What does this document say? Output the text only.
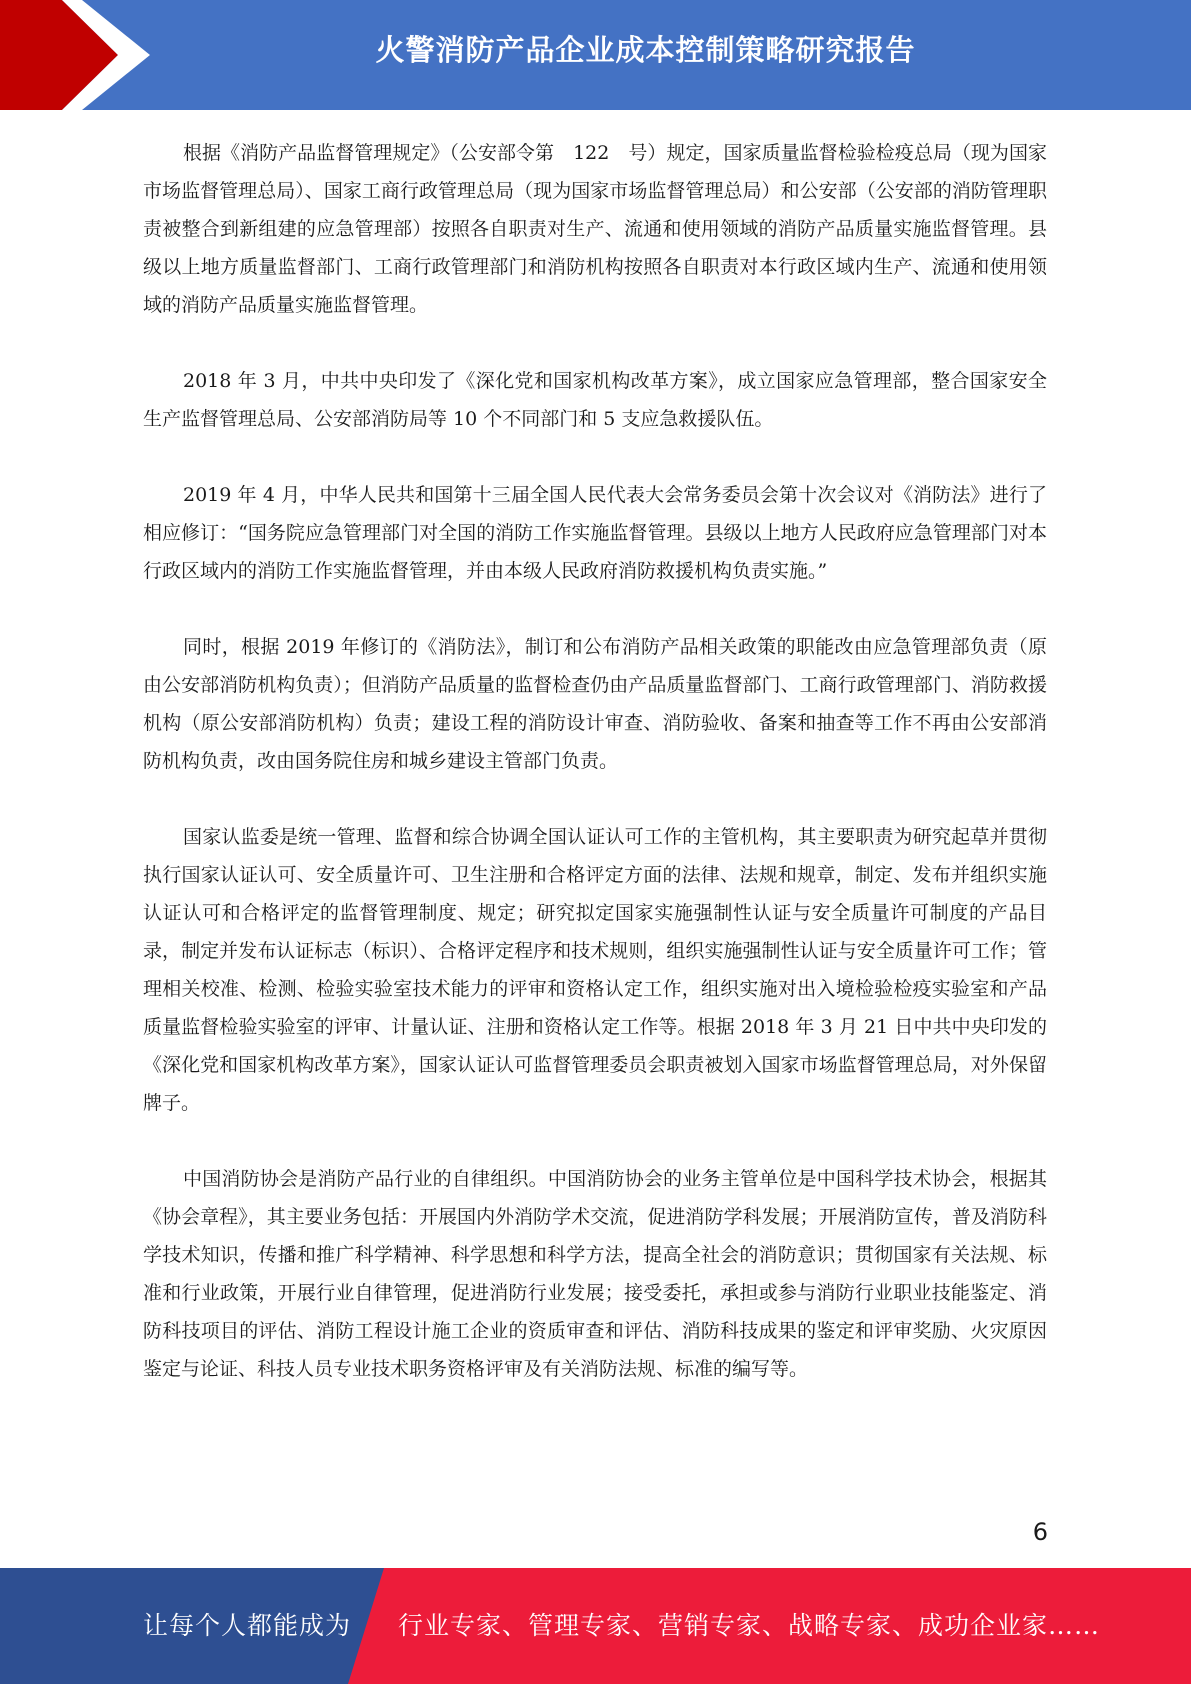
火警消防产品企业成本控制策略研究报告

根据《消防产品监督管理规定》（公安部令第　122　号）规定，国家质量监督检验检疫总局（现为国家市场监督管理总局）、国家工商行政管理总局（现为国家市场监督管理总局）和公安部（公安部的消防管理职责被整合到新组建的应急管理部）按照各自职责对生产、流通和使用领域的消防产品质量实施监督管理。县级以上地方质量监督部门、工商行政管理部门和消防机构按照各自职责对本行政区域内生产、流通和使用领域的消防产品质量实施监督管理。

2018 年 3 月，中共中央印发了《深化党和国家机构改革方案》，成立国家应急管理部，整合国家安全生产监督管理总局、公安部消防局等 10 个不同部门和 5 支应急救援队伍。

2019 年 4 月，中华人民共和国第十三届全国人民代表大会常务委员会第十次会议对《消防法》进行了相应修订：“国务院应急管理部门对全国的消防工作实施监督管理。县级以上地方人民政府应急管理部门对本行政区域内的消防工作实施监督管理，并由本级人民政府消防救援机构负责实施。”

同时，根据 2019 年修订的《消防法》，制订和公布消防产品相关政策的职能改由应急管理部负责（原由公安部消防机构负责）；但消防产品质量的监督检查仍由产品质量监督部门、工商行政管理部门、消防救援机构（原公安部消防机构）负责；建设工程的消防设计审查、消防验收、备案和抽查等工作不再由公安部消防机构负责，改由国务院住房和城乡建设主管部门负责。

国家认监委是统一管理、监督和综合协调全国认证认可工作的主管机构，其主要职责为研究起草并贯彻执行国家认证认可、安全质量许可、卫生注册和合格评定方面的法律、法规和规章，制定、发布并组织实施认证认可和合格评定的监督管理制度、规定；研究拟定国家实施强制性认证与安全质量许可制度的产品目录，制定并发布认证标志（标识）、合格评定程序和技术规则，组织实施强制性认证与安全质量许可工作；管理相关校准、检测、检验实验室技术能力的评审和资格认定工作，组织实施对出入境检验检疫实验室和产品质量监督检验实验室的评审、计量认证、注册和资格认定工作等。根据 2018 年 3 月 21 日中共中央印发的《深化党和国家机构改革方案》，国家认证认可监督管理委员会职责被划入国家市场监督管理总局，对外保留牌子。

中国消防协会是消防产品行业的自律组织。中国消防协会的业务主管单位是中国科学技术协会，根据其《协会章程》，其主要业务包括：开展国内外消防学术交流，促进消防学科发展；开展消防宣传，普及消防科学技术知识，传播和推广科学精神、科学思想和科学方法，提高全社会的消防意识；贯彻国家有关法规、标准和行业政策，开展行业自律管理，促进消防行业发展；接受委托，承担或参与消防行业职业技能鉴定、消防科技项目的评估、消防工程设计施工企业的资质审查和评估、消防科技成果的鉴定和评审奖励、火灾原因鉴定与论证、科技人员专业技术职务资格评审及有关消防法规、标准的编写等。

6
让每个人都能成为 行业专家、管理专家、营销专家、战略专家、成功企业家……
